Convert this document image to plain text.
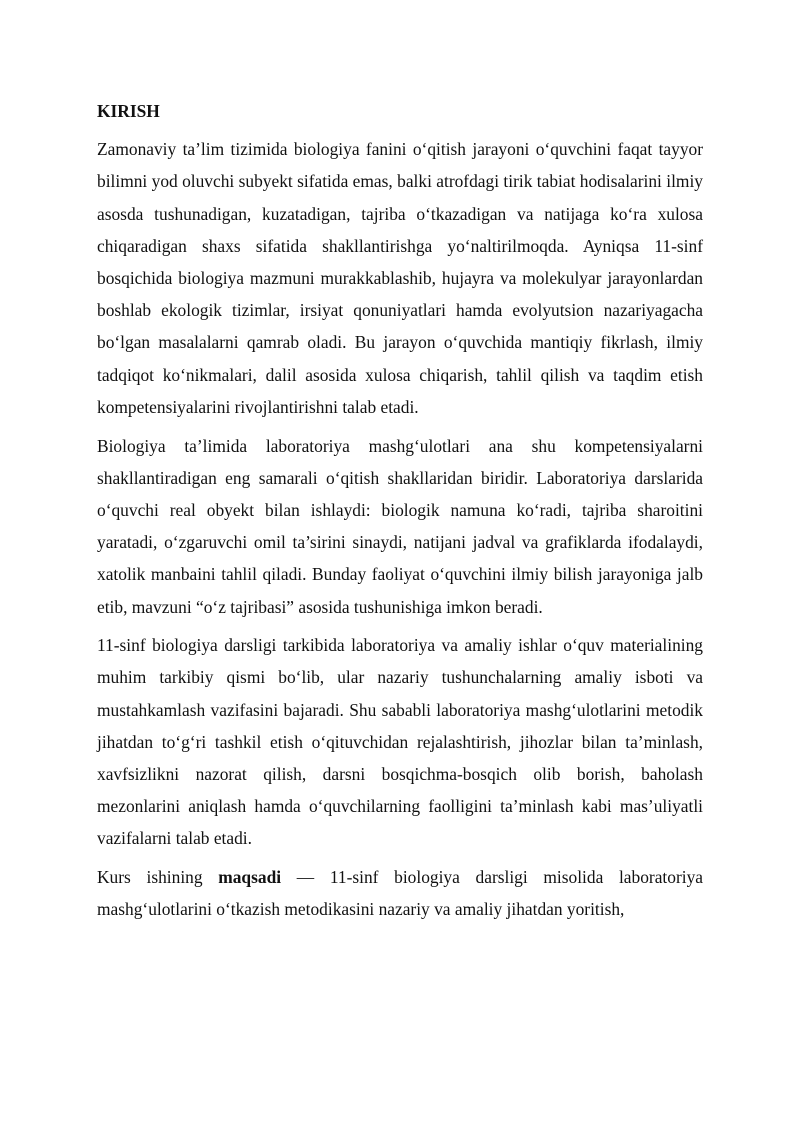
KIRISH

Zamonaviy ta’lim tizimida biologiya fanini o‘qitish jarayoni o‘quvchini faqat tayyor bilimni yod oluvchi subyekt sifatida emas, balki atrofdagi tirik tabiat hodisalarini ilmiy asosda tushunadigan, kuzatadigan, tajriba o‘tkazadigan va natijaga ko‘ra xulosa chiqaradigan shaxs sifatida shakllantirishga yo‘naltirilmoqda. Ayniqsa 11-sinf bosqichida biologiya mazmuni murakkablashib, hujayra va molekulyar jarayonlardan boshlab ekologik tizimlar, irsiyat qonuniyatlari hamda evolyutsion nazariyagacha bo‘lgan masalalarni qamrab oladi. Bu jarayon o‘quvchida mantiqiy fikrlash, ilmiy tadqiqot ko‘nikmalari, dalil asosida xulosa chiqarish, tahlil qilish va taqdim etish kompetensiyalarini rivojlantirishni talab etadi.

Biologiya ta’limida laboratoriya mashg‘ulotlari ana shu kompetensiyalarni shakllantiradigan eng samarali o‘qitish shakllaridan biridir. Laboratoriya darslarida o‘quvchi real obyekt bilan ishlaydi: biologik namuna ko‘radi, tajriba sharoitini yaratadi, o‘zgaruvchi omil ta’sirini sinaydi, natijani jadval va grafiklarda ifodalaydi, xatolik manbaini tahlil qiladi. Bunday faoliyat o‘quvchini ilmiy bilish jarayoniga jalb etib, mavzuni “o‘z tajribasi” asosida tushunishiga imkon beradi.

11-sinf biologiya darsligi tarkibida laboratoriya va amaliy ishlar o‘quv materialining muhim tarkibiy qismi bo‘lib, ular nazariy tushunchalarning amaliy isboti va mustahkamlash vazifasini bajaradi. Shu sababli laboratoriya mashg‘ulotlarini metodik jihatdan to‘g‘ri tashkil etish o‘qituvchidan rejalashtirish, jihozlar bilan ta’minlash, xavfsizlikni nazorat qilish, darsni bosqichma-bosqich olib borish, baholash mezonlarini aniqlash hamda o‘quvchilarning faolligini ta’minlash kabi mas’uliyatli vazifalarni talab etadi.

Kurs ishining maqsadi — 11-sinf biologiya darsligi misolida laboratoriya mashg‘ulotlarini o‘tkazish metodikasini nazariy va amaliy jihatdan yoritish,
